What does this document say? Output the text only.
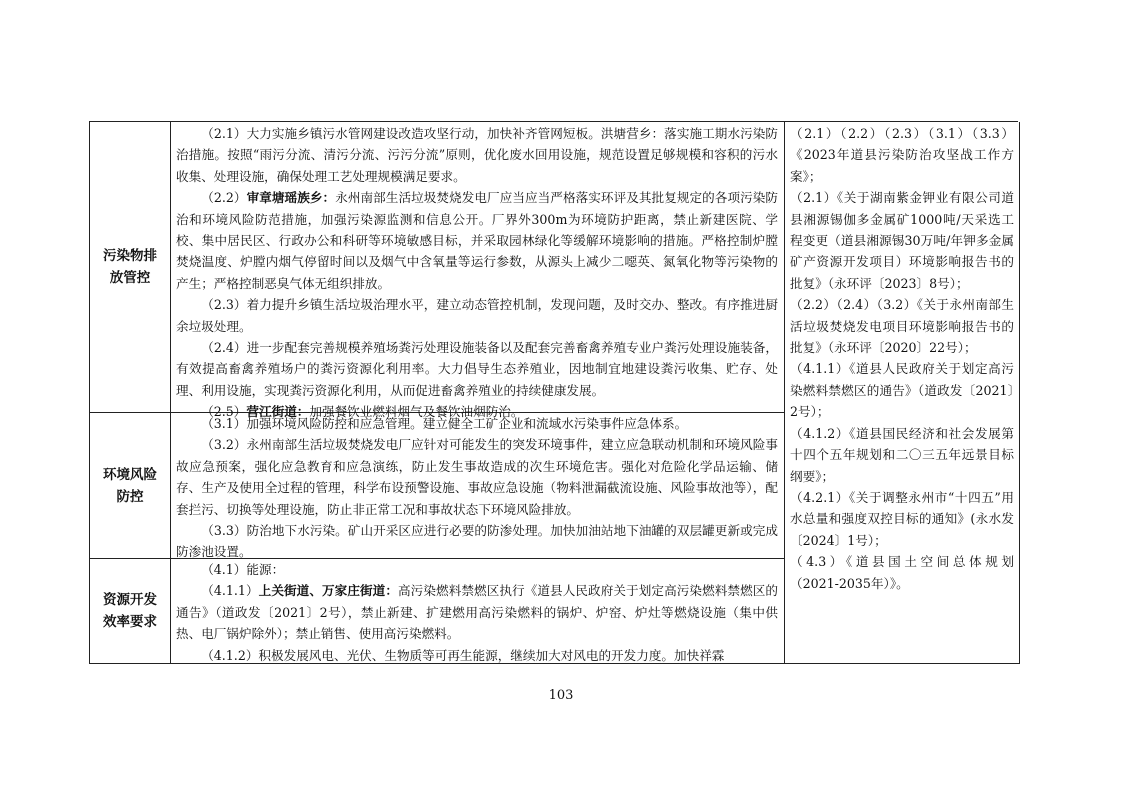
污染物排放管控
环境风险防控
资源开发效率要求

（2.1）大力实施乡镇污水管网建设改造攻坚行动，加快补齐管网短板。洪塘营乡：落实施工期水污染防治措施。按照“雨污分流、清污分流、污污分流”原则，优化废水回用设施，规范设置足够规模和容积的污水收集、处理设施，确保处理工艺处理规模满足要求。

（2.2）审章塘瑶族乡：永州南部生活垃圾焚烧发电厂应当应当严格落实环评及其批复规定的各项污染防治和环境风险防范措施，加强污染源监测和信息公开。厂界外300m为环境防护距离，禁止新建医院、学校、集中居民区、行政办公和科研等环境敏感目标，并采取园林绿化等缓解环境影响的措施。严格控制炉膛焚烧温度、炉膛内烟气停留时间以及烟气中含氧量等运行参数，从源头上减少二噁英、氮氧化物等污染物的产生；严格控制恶臭气体无组织排放。

（2.3）着力提升乡镇生活垃圾治理水平，建立动态管控机制，发现问题，及时交办、整改。有序推进厨余垃圾处理。

（2.4）进一步配套完善规模养殖场粪污处理设施装备以及配套完善畜禽养殖专业户粪污处理设施装备，有效提高畜禽养殖场户的粪污资源化利用率。大力倡导生态养殖业，因地制宜地建设粪污收集、贮存、处理、利用设施，实现粪污资源化利用，从而促进畜禽养殖业的持续健康发展。

（2.5）营江街道：加强餐饮业燃料烟气及餐饮油烟防治。

（3.1）加强环境风险防控和应急管理。建立健全工矿企业和流域水污染事件应急体系。

（3.2）永州南部生活垃圾焚烧发电厂应针对可能发生的突发环境事件，建立应急联动机制和环境风险事故应急预案，强化应急教育和应急演练，防止发生事故造成的次生环境危害。强化对危险化学品运输、储存、生产及使用全过程的管理，科学布设预警设施、事故应急设施（物料泄漏截流设施、风险事故池等），配套拦污、切换等处理设施，防止非正常工况和事故状态下环境风险排放。

（3.3）防治地下水污染。矿山开采区应进行必要的防渗处理。加快加油站地下油罐的双层罐更新或完成防渗池设置。

（4.1）能源：

（4.1.1）上关街道、万家庄街道：高污染燃料禁燃区执行《道县人民政府关于划定高污染燃料禁燃区的通告》（道政发〔2021〕2号），禁止新建、扩建燃用高污染燃料的锅炉、炉窑、炉灶等燃烧设施（集中供热、电厂锅炉除外）；禁止销售、使用高污染燃料。

（4.1.2）积极发展风电、光伏、生物质等可再生能源，继续加大对风电的开发力度。加快祥霖

（2.1）（2.2）（2.3）（3.1）（3.3）《2023年道县污染防治攻坚战工作方案》；

（2.1）《关于湖南紫金钾业有限公司道县湘源锡伽多金属矿1000吨/天采选工程变更（道县湘源锡30万吨/年钾多金属矿产资源开发项目）环境影响报告书的批复》（永环评〔2023〕8号）；

（2.2）（2.4）（3.2）《关于永州南部生活垃圾焚烧发电项目环境影响报告书的批复》（永环评〔2020〕22号）；

（4.1.1）《道县人民政府关于划定高污染燃料禁燃区的通告》（道政发〔2021〕2号）；

（4.1.2）《道县国民经济和社会发展第十四个五年规划和二〇三五年远景目标纲要》；

（4.2.1）《关于调整永州市“十四五”用水总量和强度双控目标的通知》(永水发〔2024〕1号）；

（4.3）《道县国土空间总体规划（2021-2035年）》。

103
